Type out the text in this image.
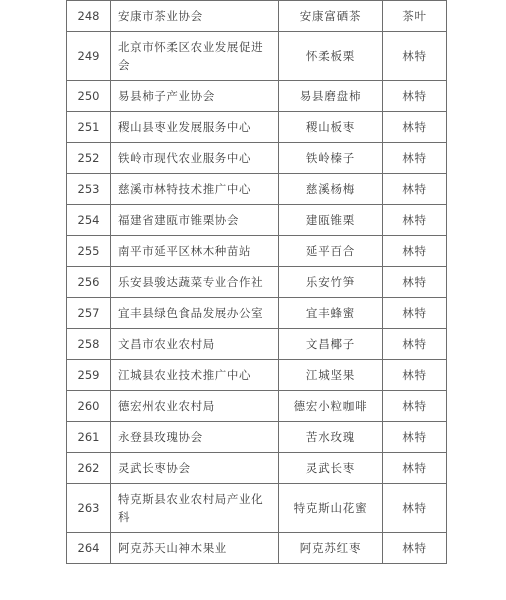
248	安康市茶业协会	安康富硒茶	茶叶
249	北京市怀柔区农业发展促进会	怀柔板栗	林特
250	易县柿子产业协会	易县磨盘柿	林特
251	稷山县枣业发展服务中心	稷山板枣	林特
252	铁岭市现代农业服务中心	铁岭榛子	林特
253	慈溪市林特技术推广中心	慈溪杨梅	林特
254	福建省建瓯市锥栗协会	建瓯锥栗	林特
255	南平市延平区林木种苗站	延平百合	林特
256	乐安县骏达蔬菜专业合作社	乐安竹笋	林特
257	宜丰县绿色食品发展办公室	宜丰蜂蜜	林特
258	文昌市农业农村局	文昌椰子	林特
259	江城县农业技术推广中心	江城坚果	林特
260	德宏州农业农村局	德宏小粒咖啡	林特
261	永登县玫瑰协会	苦水玫瑰	林特
262	灵武长枣协会	灵武长枣	林特
263	特克斯县农业农村局产业化科	特克斯山花蜜	林特
264	阿克苏天山神木果业	阿克苏红枣	林特
